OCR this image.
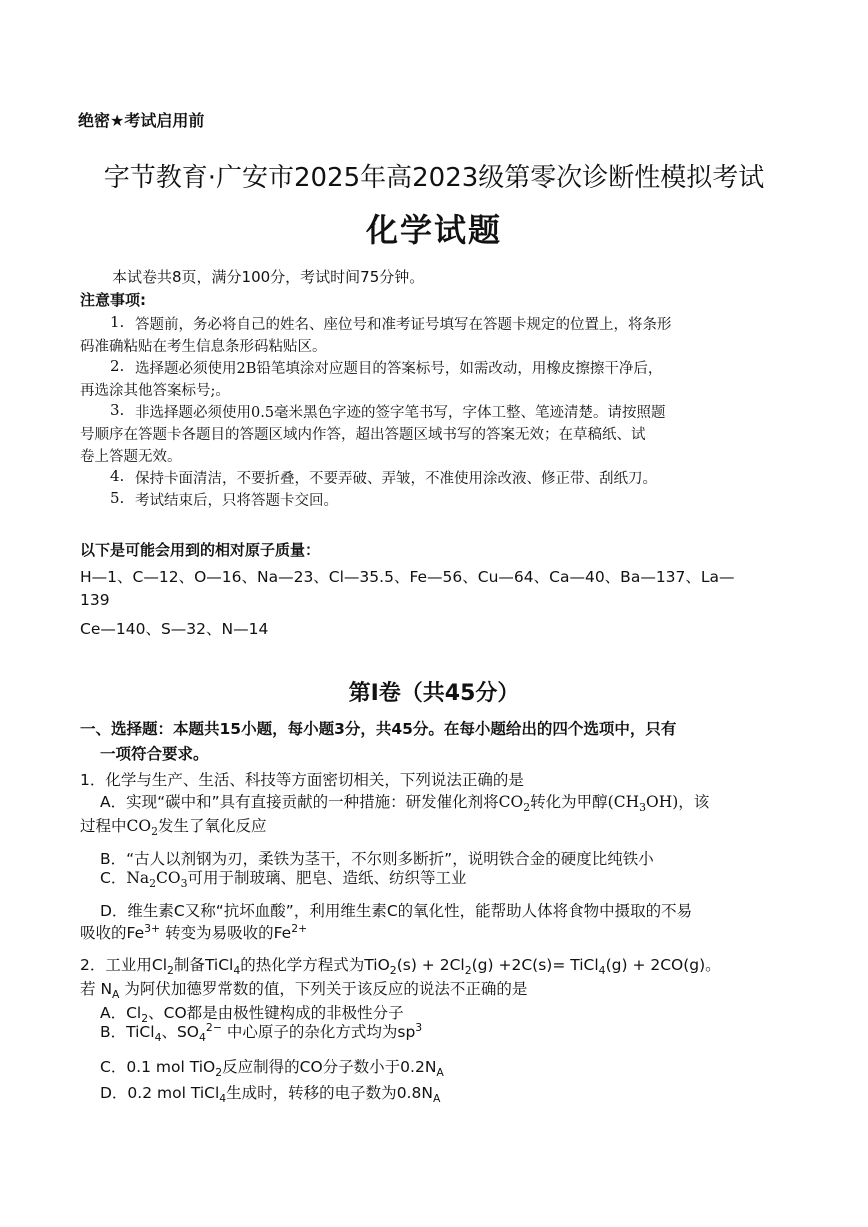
绝密★考试启用前
字节教育·广安市2025年高2023级第零次诊断性模拟考试
化学试题
本试卷共8页，满分100分，考试时间75分钟。
注意事项:
1. 答题前，务必将自己的姓名、座位号和准考证号填写在答题卡规定的位置上，将条形
码准确粘贴在考生信息条形码粘贴区。
2. 选择题必须使用2B铅笔填涂对应题目的答案标号，如需改动，用橡皮擦擦干净后，
再选涂其他答案标号;。
3. 非选择题必须使用0.5毫米黑色字迹的签字笔书写，字体工整、笔迹清楚。请按照题
号顺序在答题卡各题目的答题区域内作答，超出答题区域书写的答案无效；在草稿纸、试
卷上答题无效。
4. 保持卡面清洁，不要折叠，不要弄破、弄皱，不准使用涂改液、修正带、刮纸刀。
5. 考试结束后，只将答题卡交回。
以下是可能会用到的相对原子质量：
H—1、C—12、O—16、Na—23、Cl—35.5、Fe—56、Cu—64、Ca—40、Ba—137、La—
139
Ce—140、S—32、N—14
第Ⅰ卷（共45分）
一、选择题：本题共15小题，每小题3分，共45分。在每小题给出的四个选项中，只有
一项符合要求。
1．化学与生产、生活、科技等方面密切相关，下列说法正确的是
A．实现“碳中和”具有直接贡献的一种措施：研发催化剂将$CO_2$转化为甲醇$(CH_3OH)$，该
过程中$CO_2$发生了氧化反应
B．“古人以剂钢为刃，柔铁为茎干，不尔则多断折”，说明铁合金的硬度比纯铁小
C．$Na_2CO_3$可用于制玻璃、肥皂、造纸、纺织等工业
D．维生素C又称“抗坏血酸”，利用维生素C的氧化性，能帮助人体将食物中摄取的不易
吸收的$Fe^{3+}$ 转变为易吸收的$Fe^{2+}$
2．工业用$Cl_2$制备TiCl$_4$的热化学方程式为$TiO_2(s) + 2Cl_2(g) +2C(s)=$ TiCl$_4$(g) + 2CO(g)。
若 $N_A$ 为阿伏加德罗常数的值，下列关于该反应的说法不正确的是
A．$Cl_2$、CO都是由极性键构成的非极性分子
B．TiCl$_4$、$SO_4^{2-}$ 中心原子的杂化方式均为$sp^3$
C．0.1 mol TiO$_2$反应制得的CO分子数小于$0.2N_A$
D．0.2 mol TiCl$_4$生成时，转移的电子数为$0.8N_A$
